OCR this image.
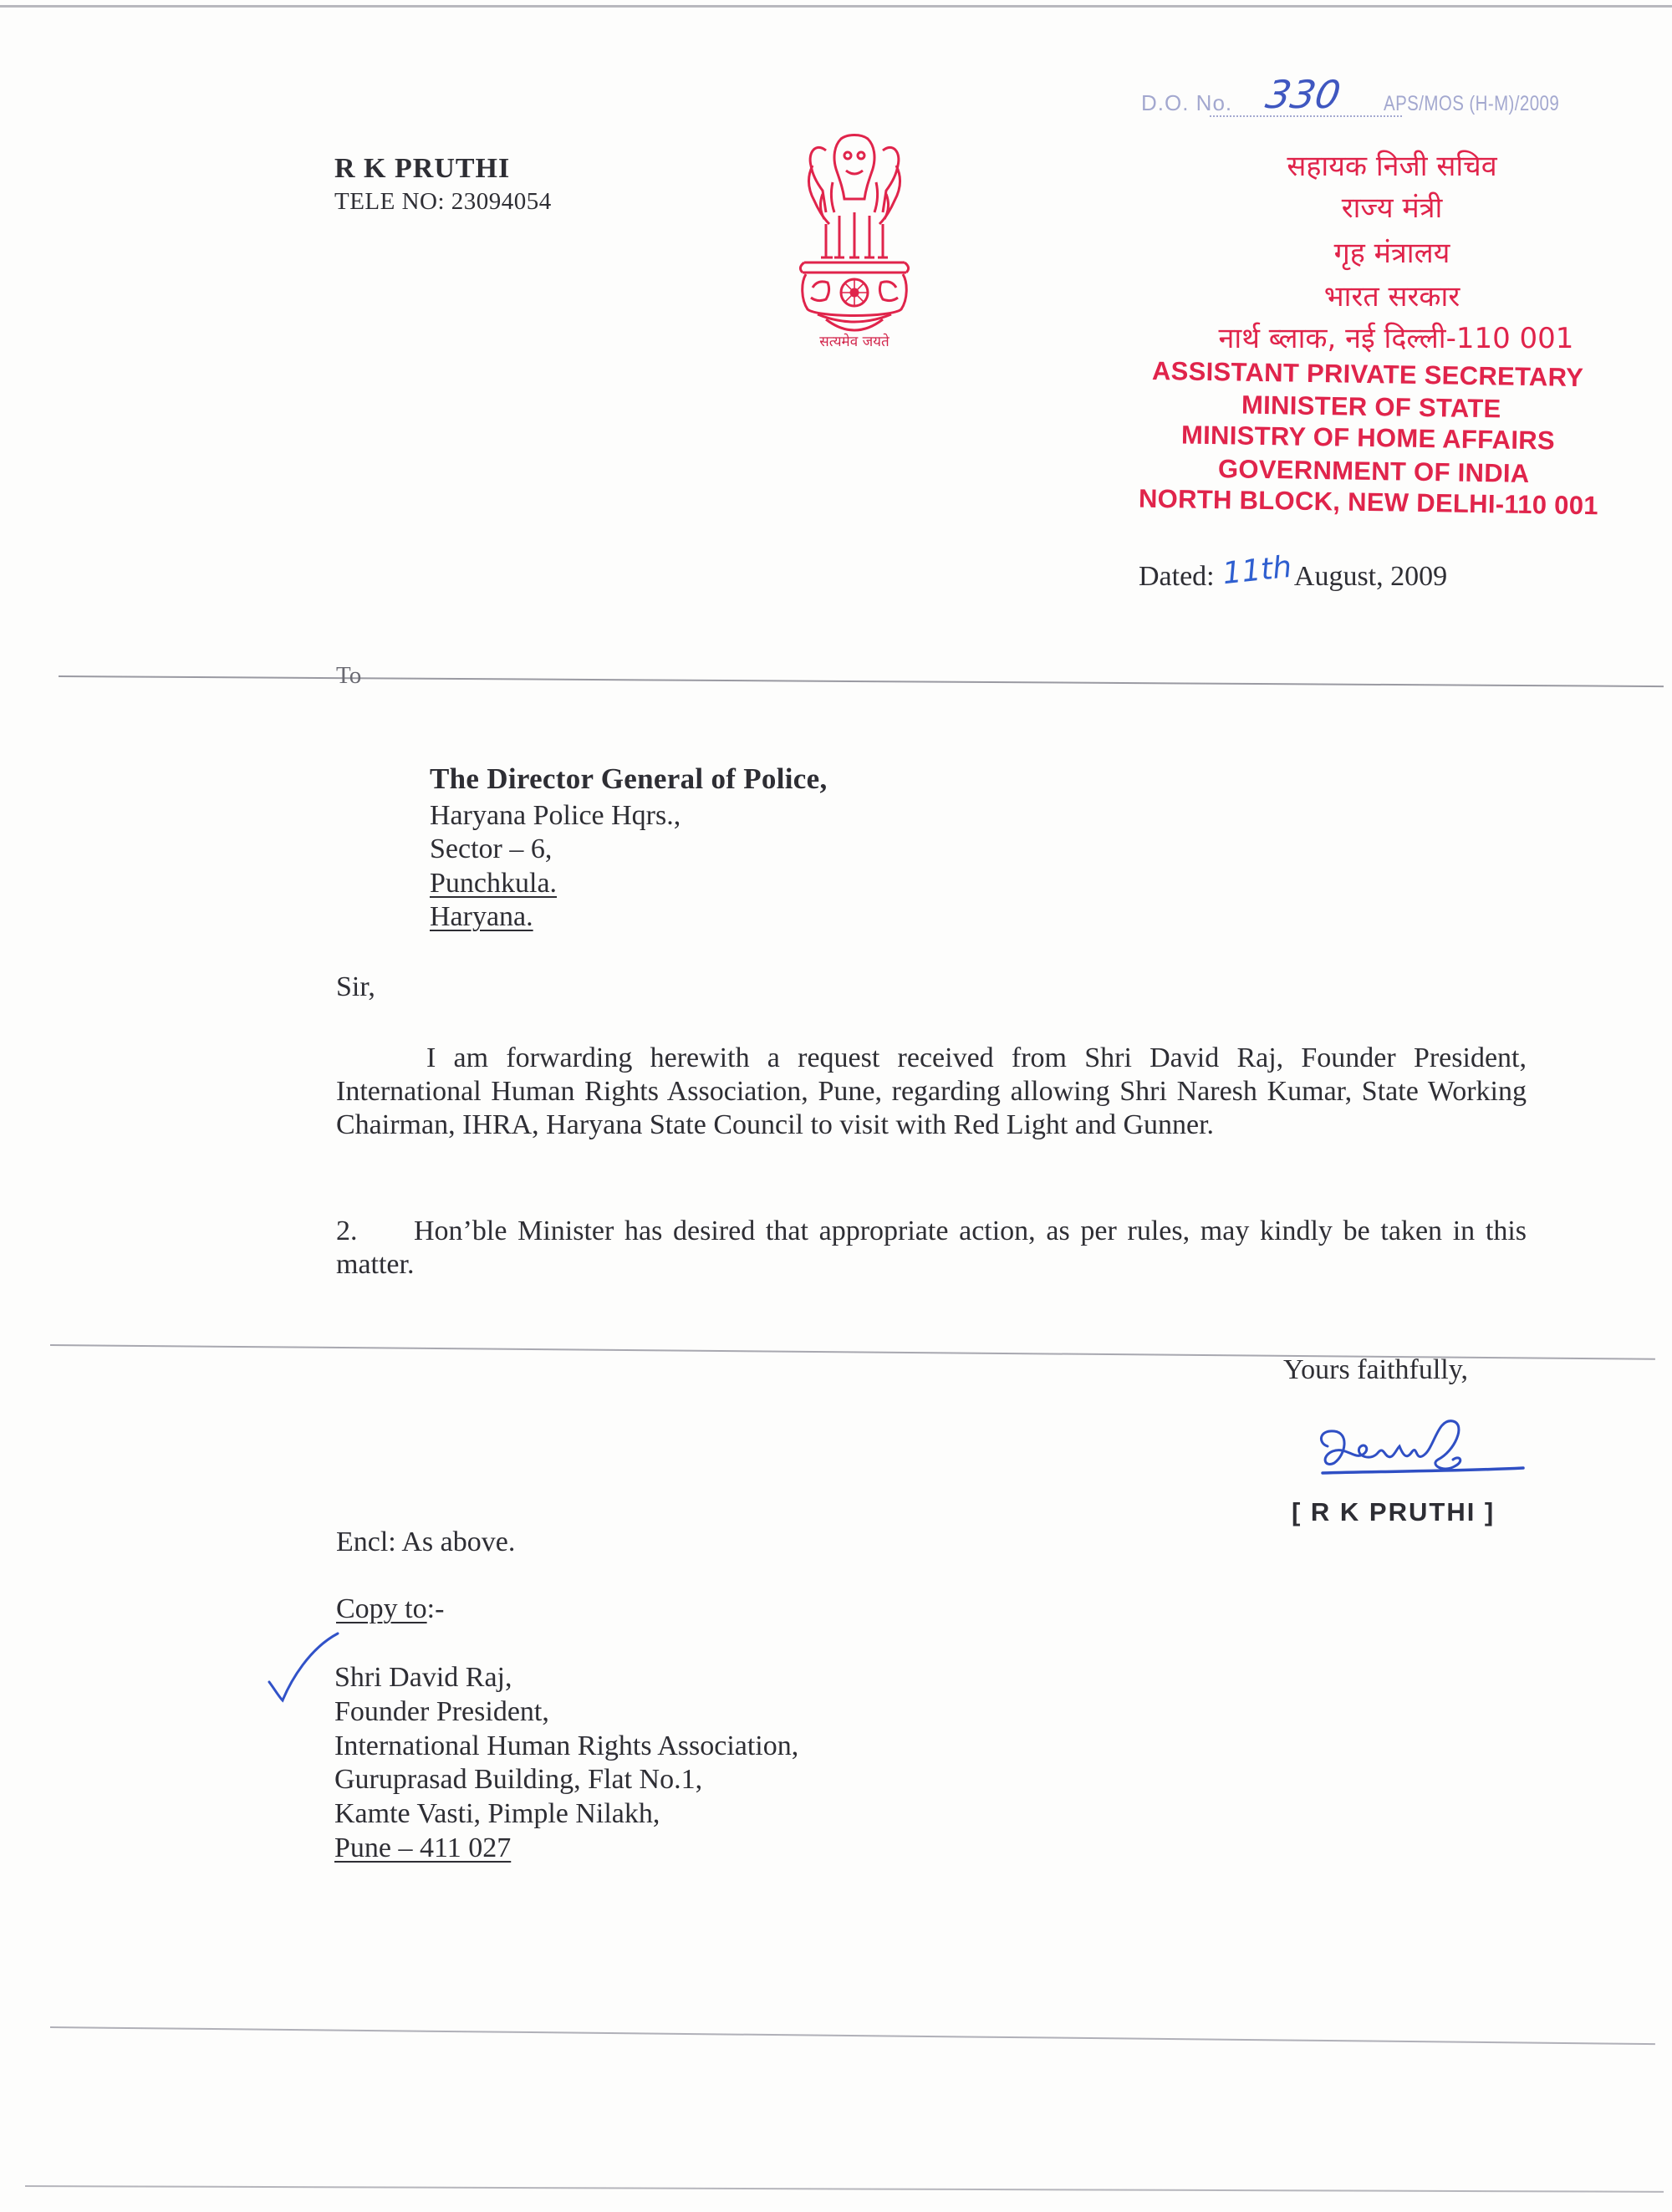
R K PRUTHI
TELE NO: 23094054
सत्यमेव जयते
D.O. No. 330 APS/MOS (H-M)/2009
सहायक निजी सचिव
राज्य मंत्री
गृह मंत्रालय
भारत सरकार
नार्थ ब्लाक, नई दिल्ली-110 001
ASSISTANT PRIVATE SECRETARY
MINISTER OF STATE
MINISTRY OF HOME AFFAIRS
GOVERNMENT OF INDIA
NORTH BLOCK, NEW DELHI-110 001
Dated: 11thAugust, 2009
To
The Director General of Police,
Haryana Police Hqrs.,
Sector – 6,
Punchkula.
Haryana.
Sir,
I am forwarding herewith a request received from Shri David Raj, Founder President, International Human Rights Association, Pune, regarding allowing Shri Naresh Kumar, State Working Chairman, IHRA, Haryana State Council to visit with Red Light and Gunner.
2. Hon’ble Minister has desired that appropriate action, as per rules, may kindly be taken in this matter.
Yours faithfully,
[ R K PRUTHI ]
Encl: As above.
Copy to:-
Shri David Raj,
Founder President,
International Human Rights Association,
Guruprasad Building, Flat No.1,
Kamte Vasti, Pimple Nilakh,
Pune – 411 027
